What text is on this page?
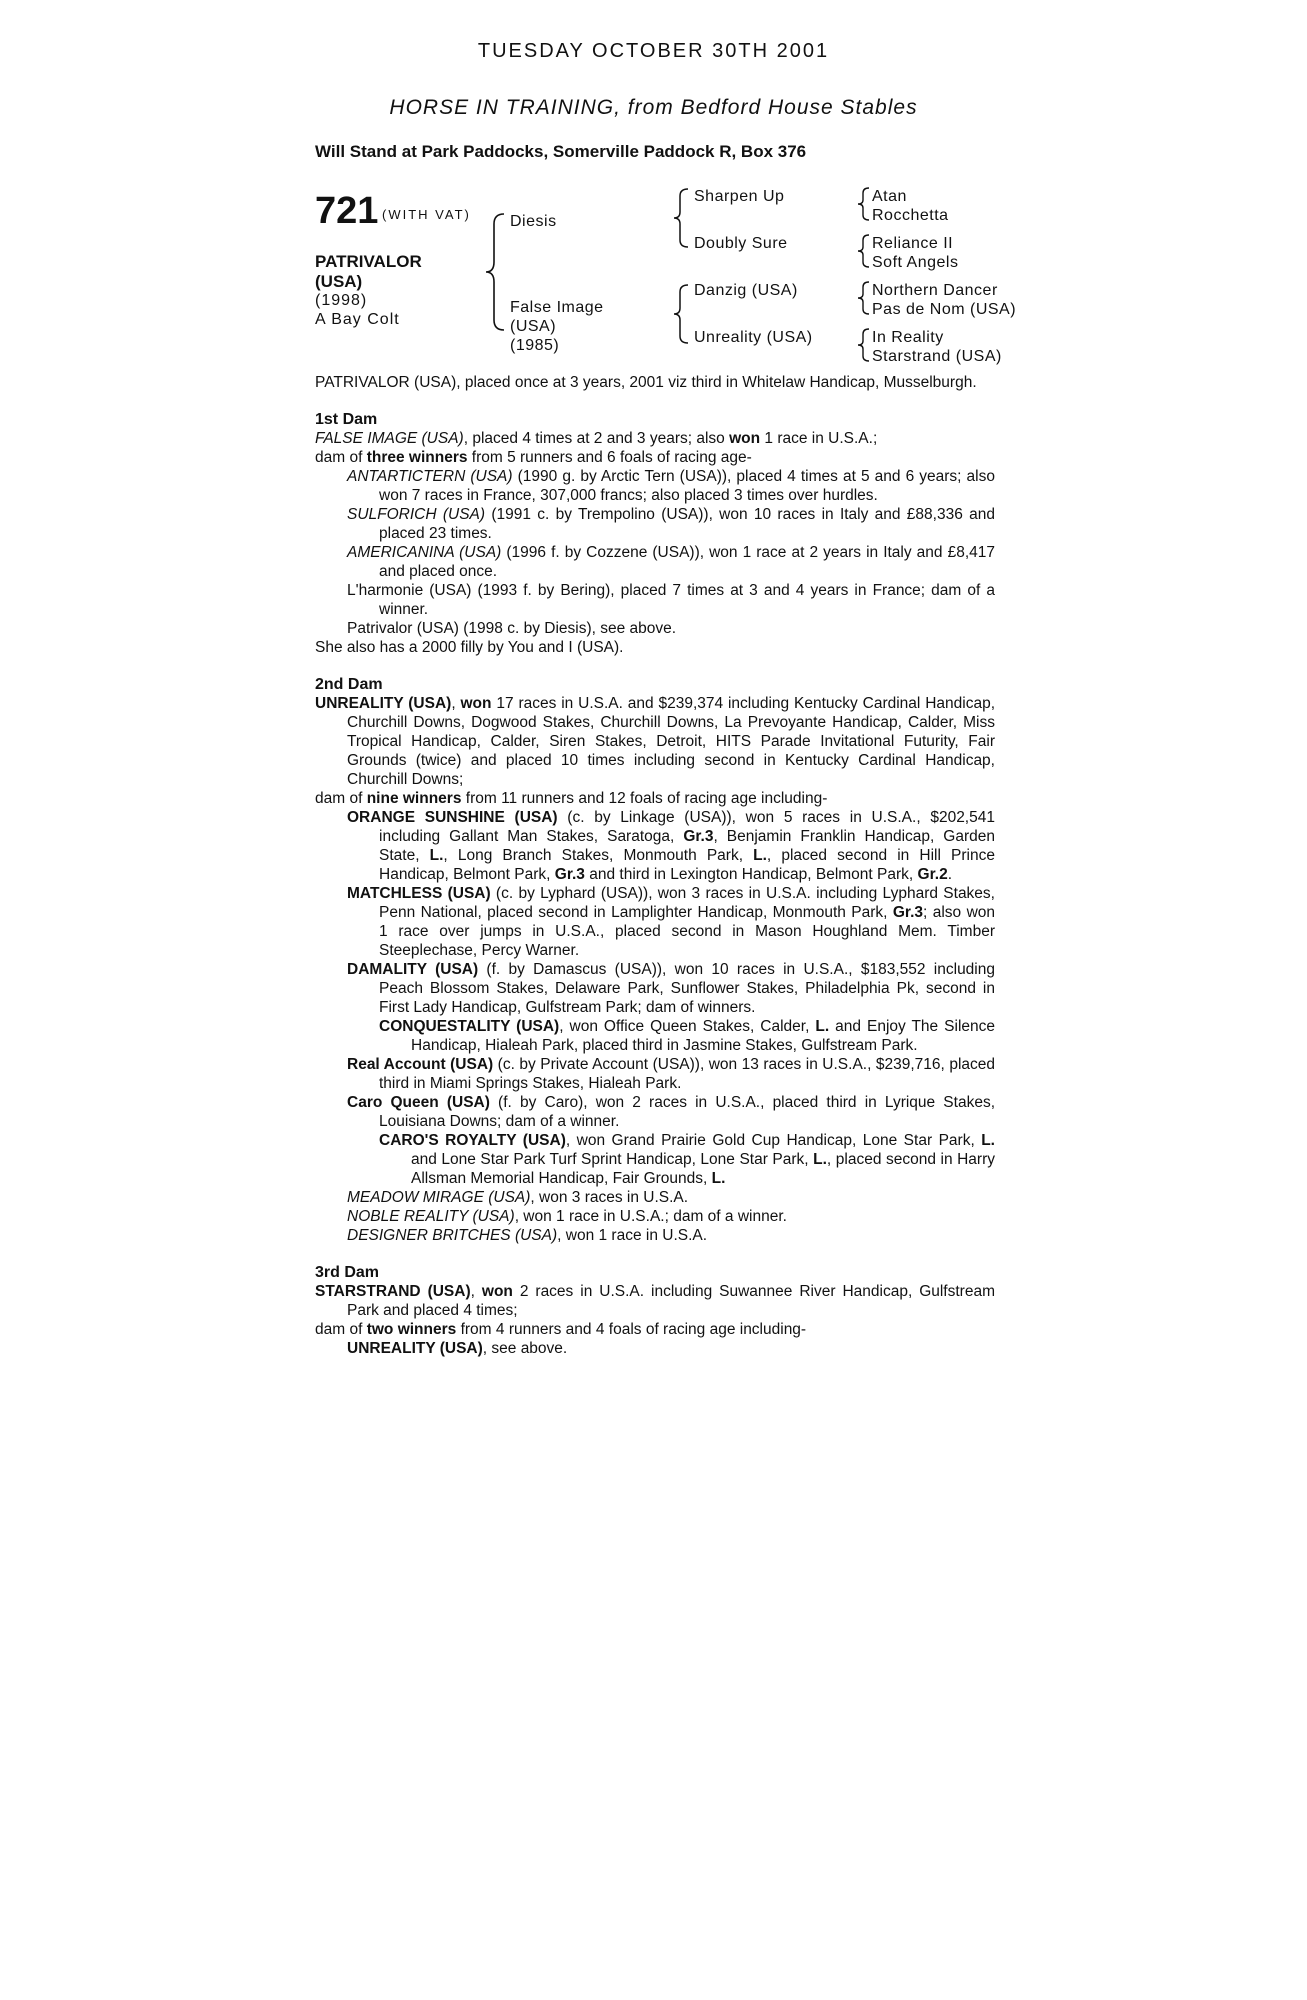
TUESDAY OCTOBER 30TH 2001
HORSE IN TRAINING, from Bedford House Stables
Will Stand at Park Paddocks, Somerville Paddock R, Box 376
721 (WITH VAT)
PATRIVALOR (USA)
(1998)
A Bay Colt
Diesis
False Image
(USA)
(1985)
Sharpen Up
Doubly Sure
Danzig (USA)
Unreality (USA)
Atan
Rocchetta
Reliance II
Soft Angels
Northern Dancer
Pas de Nom (USA)
In Reality
Starstrand (USA)

PATRIVALOR (USA), placed once at 3 years, 2001 viz third in Whitelaw Handicap, Musselburgh.

1st Dam

FALSE IMAGE (USA), placed 4 times at 2 and 3 years; also won 1 race in U.S.A.;

dam of three winners from 5 runners and 6 foals of racing age-

ANTARTICTERN (USA) (1990 g. by Arctic Tern (USA)), placed 4 times at 5 and 6 years; also won 7 races in France, 307,000 francs; also placed 3 times over hurdles.

SULFORICH (USA) (1991 c. by Trempolino (USA)), won 10 races in Italy and £88,336 and placed 23 times.

AMERICANINA (USA) (1996 f. by Cozzene (USA)), won 1 race at 2 years in Italy and £8,417 and placed once.

L'harmonie (USA) (1993 f. by Bering), placed 7 times at 3 and 4 years in France; dam of a winner.

Patrivalor (USA) (1998 c. by Diesis), see above.

She also has a 2000 filly by You and I (USA).

2nd Dam

UNREALITY (USA), won 17 races in U.S.A. and $239,374 including Kentucky Cardinal Handicap, Churchill Downs, Dogwood Stakes, Churchill Downs, La Prevoyante Handicap, Calder, Miss Tropical Handicap, Calder, Siren Stakes, Detroit, HITS Parade Invitational Futurity, Fair Grounds (twice) and placed 10 times including second in Kentucky Cardinal Handicap, Churchill Downs;

dam of nine winners from 11 runners and 12 foals of racing age including-

ORANGE SUNSHINE (USA) (c. by Linkage (USA)), won 5 races in U.S.A., $202,541 including Gallant Man Stakes, Saratoga, Gr.3, Benjamin Franklin Handicap, Garden State, L., Long Branch Stakes, Monmouth Park, L., placed second in Hill Prince Handicap, Belmont Park, Gr.3 and third in Lexington Handicap, Belmont Park, Gr.2.

MATCHLESS (USA) (c. by Lyphard (USA)), won 3 races in U.S.A. including Lyphard Stakes, Penn National, placed second in Lamplighter Handicap, Monmouth Park, Gr.3; also won 1 race over jumps in U.S.A., placed second in Mason Houghland Mem. Timber Steeplechase, Percy Warner.

DAMALITY (USA) (f. by Damascus (USA)), won 10 races in U.S.A., $183,552 including Peach Blossom Stakes, Delaware Park, Sunflower Stakes, Philadelphia Pk, second in First Lady Handicap, Gulfstream Park; dam of winners.

CONQUESTALITY (USA), won Office Queen Stakes, Calder, L. and Enjoy The Silence Handicap, Hialeah Park, placed third in Jasmine Stakes, Gulfstream Park.

Real Account (USA) (c. by Private Account (USA)), won 13 races in U.S.A., $239,716, placed third in Miami Springs Stakes, Hialeah Park.

Caro Queen (USA) (f. by Caro), won 2 races in U.S.A., placed third in Lyrique Stakes, Louisiana Downs; dam of a winner.

CARO'S ROYALTY (USA), won Grand Prairie Gold Cup Handicap, Lone Star Park, L. and Lone Star Park Turf Sprint Handicap, Lone Star Park, L., placed second in Harry Allsman Memorial Handicap, Fair Grounds, L.

MEADOW MIRAGE (USA), won 3 races in U.S.A.

NOBLE REALITY (USA), won 1 race in U.S.A.; dam of a winner.

DESIGNER BRITCHES (USA), won 1 race in U.S.A.

3rd Dam

STARSTRAND (USA), won 2 races in U.S.A. including Suwannee River Handicap, Gulfstream Park and placed 4 times;

dam of two winners from 4 runners and 4 foals of racing age including-

UNREALITY (USA), see above.
